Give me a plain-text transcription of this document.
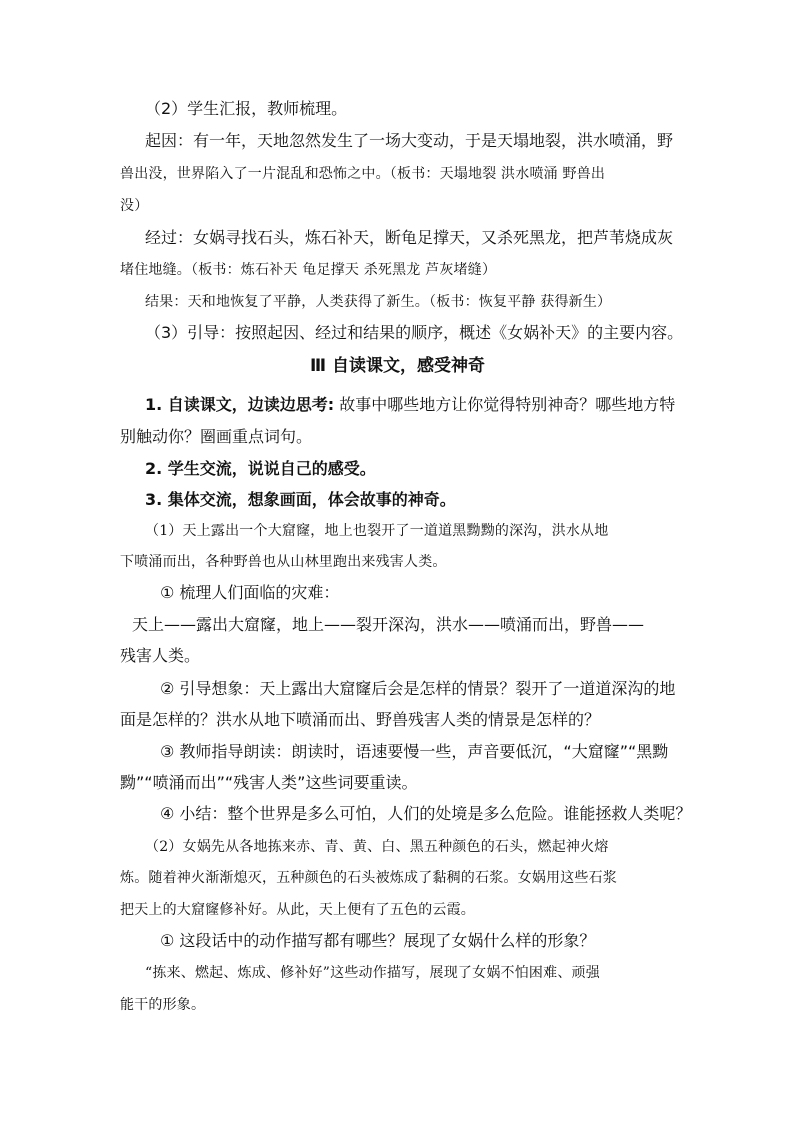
（2）学生汇报，教师梳理。
起因：有一年，天地忽然发生了一场大变动，于是天塌地裂，洪水喷涌，野
兽出没，世界陷入了一片混乱和恐怖之中。（板书：天塌地裂 洪水喷涌 野兽出
没）
经过：女娲寻找石头，炼石补天，断龟足撑天，又杀死黑龙，把芦苇烧成灰
堵住地缝。（板书：炼石补天 龟足撑天 杀死黑龙 芦灰堵缝）
结果：天和地恢复了平静，人类获得了新生。（板书：恢复平静 获得新生）
（3）引导：按照起因、经过和结果的顺序，概述《女娲补天》的主要内容。
Ⅲ 自读课文，感受神奇
1. 自读课文，边读边思考: 故事中哪些地方让你觉得特别神奇？哪些地方特
别触动你？圈画重点词句。
2. 学生交流，说说自己的感受。
3. 集体交流，想象画面，体会故事的神奇。
（1）天上露出一个大窟窿，地上也裂开了一道道黑黝黝的深沟，洪水从地
下喷涌而出，各种野兽也从山林里跑出来残害人类。
① 梳理人们面临的灾难：
天上——露出大窟窿，地上——裂开深沟，洪水——喷涌而出，野兽——
残害人类。
② 引导想象：天上露出大窟窿后会是怎样的情景？裂开了一道道深沟的地
面是怎样的？洪水从地下喷涌而出、野兽残害人类的情景是怎样的？
③ 教师指导朗读：朗读时，语速要慢一些，声音要低沉，“大窟窿”“黑黝
黝”“喷涌而出”“残害人类”这些词要重读。
④ 小结：整个世界是多么可怕，人们的处境是多么危险。谁能拯救人类呢？
（2）女娲先从各地拣来赤、青、黄、白、黑五种颜色的石头，燃起神火熔
炼。随着神火渐渐熄灭，五种颜色的石头被炼成了黏稠的石浆。女娲用这些石浆
把天上的大窟窿修补好。从此，天上便有了五色的云霞。
① 这段话中的动作描写都有哪些？展现了女娲什么样的形象？
“拣来、燃起、炼成、修补好”这些动作描写，展现了女娲不怕困难、顽强
能干的形象。
